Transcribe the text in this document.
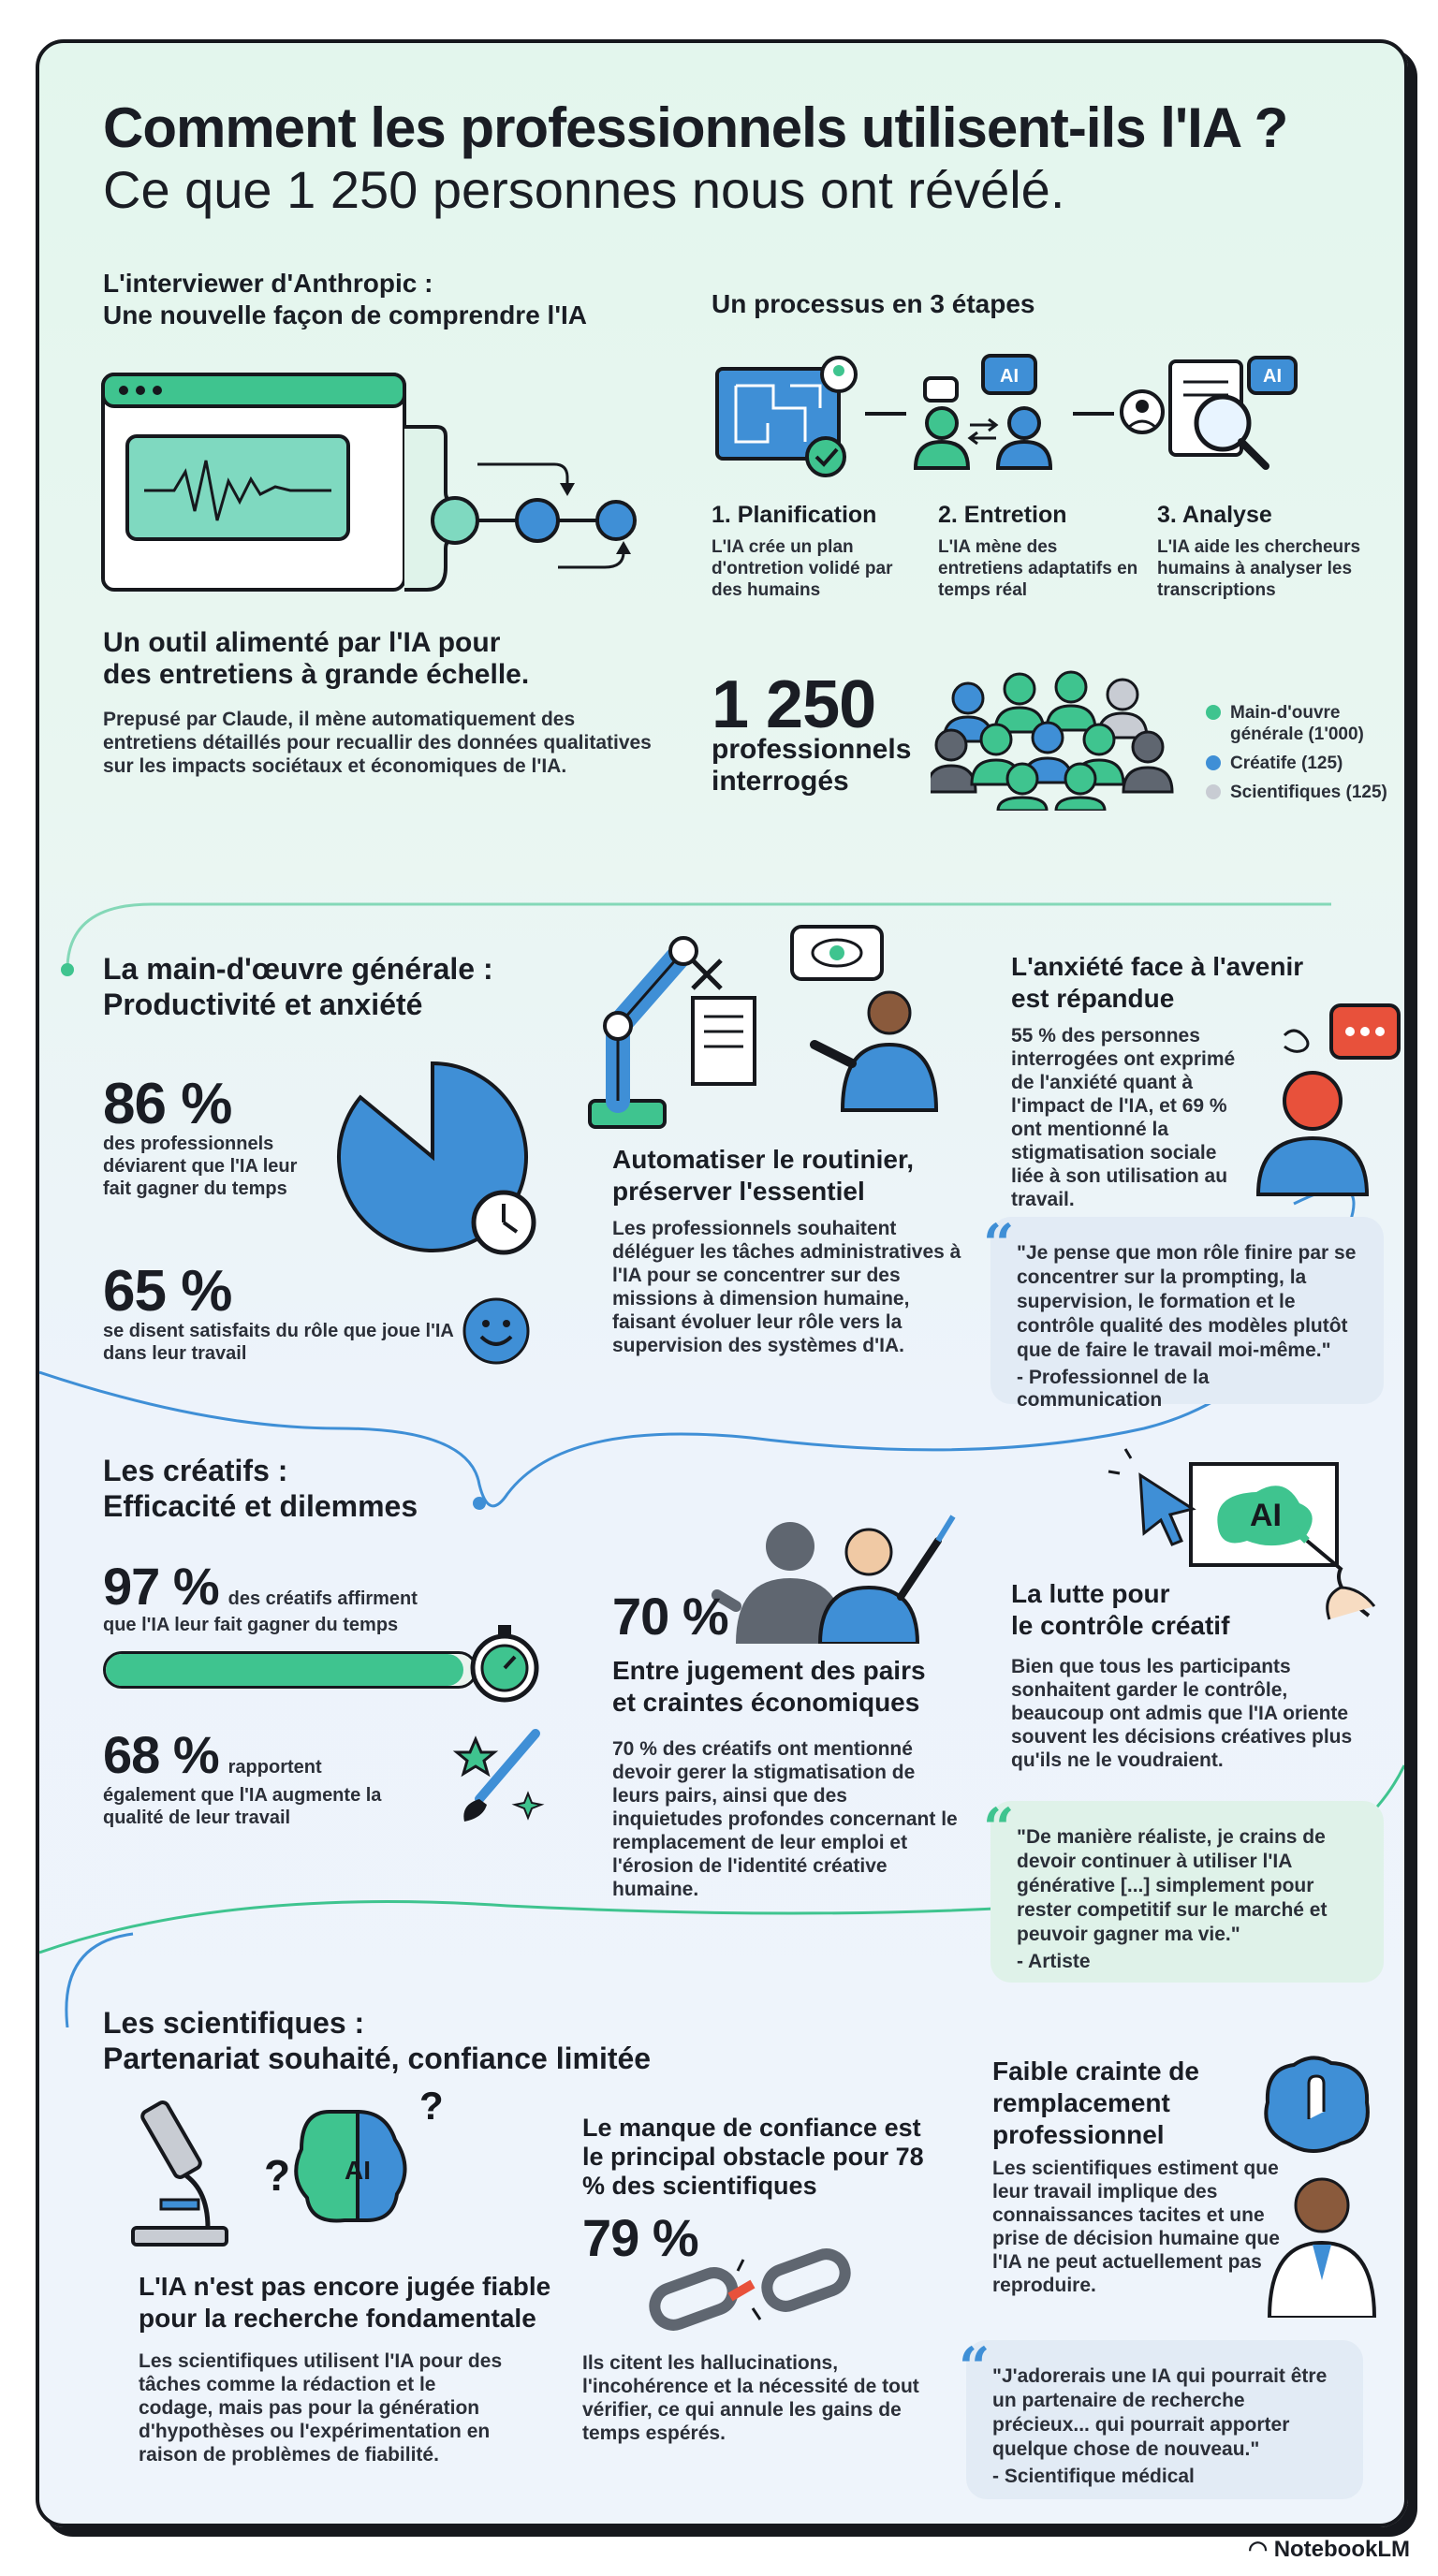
Comment les professionnels utilisent-ils l'IA ?
Ce que 1 250 personnes nous ont révélé.
L'interviewer d'Anthropic :
Une nouvelle façon de comprendre l'IA
Un outil alimenté par l'IA pour
des entretiens à grande échelle.
Prepusé par Claude, il mène automatiquement des entretiens détaillés pour recuallir des données qualitatives sur les impacts sociétaux et économiques de l'IA.
Un processus en 3 étapes
AI	AI
1. Planification
L'IA crée un plan d'ontretion volidé par des humains
2. Entretion
L'IA mène des entretiens adaptatifs en temps réal
3. Analyse
L'IA aide les chercheurs humains à analyser les transcriptions
1 250
professionnels
interrogés
Main-d'ouvre générale (1'000)
Créatife (125)
Scientifiques (125)
La main-d'œuvre générale :
Productivité et anxiété
86 %
des professionnels déviarent que l'IA leur fait gagner du temps
65 %
se disent satisfaits du rôle que joue l'IA dans leur travail
Automatiser le routinier,
préserver l'essentiel
Les professionnels souhaitent déléguer les tâches administratives à l'IA pour se concentrer sur des missions à dimension humaine, faisant évoluer leur rôle vers la supervision des systèmes d'IA.
L'anxiété face à l'avenir
est répandue
55 % des personnes interrogées ont exprimé de l'anxiété quant à l'impact de l'IA, et 69 % ont mentionné la stigmatisation sociale liée à son utilisation au travail.
“ "Je pense que mon rôle finire par se concentrer sur la prompting, la supervision, le formation et le contrôle qualité des modèles plutôt que de faire le travail moi-même."
- Professionnel de la communication
Les créatifs :
Efficacité et dilemmes
97 % des créatifs affirment
que l'IA leur fait gagner du temps
68 % rapportent
également que l'IA augmente la qualité de leur travail
70 %
Entre jugement des pairs
et craintes économiques
70 % des créatifs ont mentionné devoir gerer la stigmatisation de leurs pairs, ainsi que des inquietudes profondes concernant le remplacement de leur emploi et l'érosion de l'identité créative humaine.
AI
La lutte pour
le contrôle créatif
Bien que tous les participants sonhaitent garder le contrôle, beaucoup ont admis que l'IA oriente souvent les décisions créatives plus qu'ils ne le voudraient.
“ "De manière réaliste, je crains de devoir continuer à utiliser l'IA générative [...] simplement pour rester competitif sur le marché et peuvoir gagner ma vie."
- Artiste
Les scientifiques :
Partenariat souhaité, confiance limitée
? AI
?
L'IA n'est pas encore jugée fiable
pour la recherche fondamentale
Les scientifiques utilisent l'IA pour des tâches comme la rédaction et le codage, mais pas pour la génération d'hypothèses ou l'expérimentation en raison de problèmes de fiabilité.
Le manque de confiance est le principal obstacle pour 78 % des scientifiques
79 %
Ils citent les hallucinations, l'incohérence et la nécessité de tout vérifier, ce qui annule les gains de temps espérés.
Faible crainte de
remplacement
professionnel
Les scientifiques estiment que leur travail implique des connaissances tacites et une prise de décision humaine que l'IA ne peut actuellement pas reproduire.
“ "J'adorerais une IA qui pourrait être un partenaire de recherche précieux... qui pourrait apporter quelque chose de nouveau."
- Scientifique médical
◠ NotebookLM
